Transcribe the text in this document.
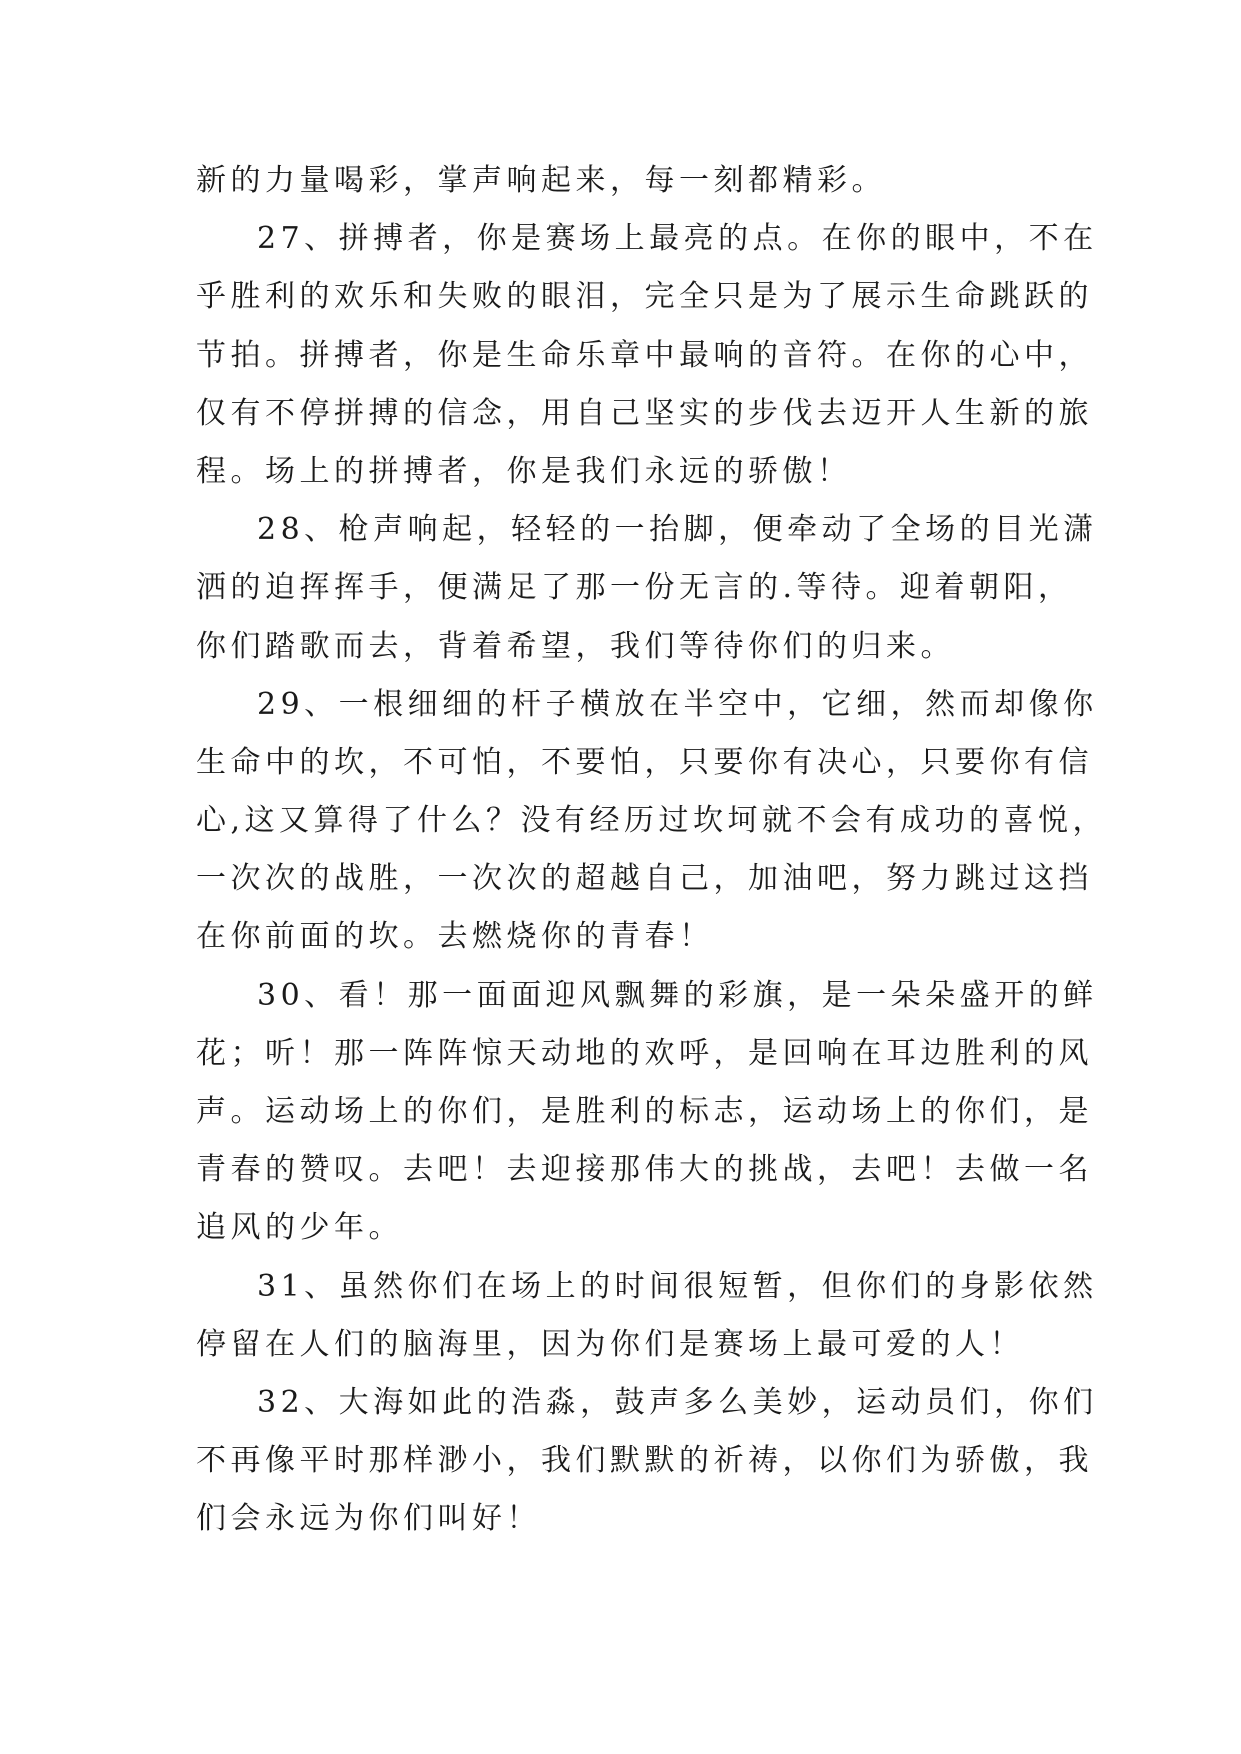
新的力量喝彩，掌声响起来，每一刻都精彩。
27、拼搏者，你是赛场上最亮的点。在你的眼中，不在
乎胜利的欢乐和失败的眼泪，完全只是为了展示生命跳跃的
节拍。拼搏者，你是生命乐章中最响的音符。在你的心中，
仅有不停拼搏的信念，用自己坚实的步伐去迈开人生新的旅
程。场上的拼搏者，你是我们永远的骄傲！
28、枪声响起，轻轻的一抬脚，便牵动了全场的目光潇
洒的迫挥挥手，便满足了那一份无言的.等待。迎着朝阳，
你们踏歌而去，背着希望，我们等待你们的归来。
29、一根细细的杆子横放在半空中，它细，然而却像你
生命中的坎，不可怕，不要怕，只要你有决心，只要你有信
心,这又算得了什么？没有经历过坎坷就不会有成功的喜悦，
一次次的战胜，一次次的超越自己，加油吧，努力跳过这挡
在你前面的坎。去燃烧你的青春！
30、看！那一面面迎风飘舞的彩旗，是一朵朵盛开的鲜
花；听！那一阵阵惊天动地的欢呼，是回响在耳边胜利的风
声。运动场上的你们，是胜利的标志，运动场上的你们，是
青春的赞叹。去吧！去迎接那伟大的挑战，去吧！去做一名
追风的少年。
31、虽然你们在场上的时间很短暂，但你们的身影依然
停留在人们的脑海里，因为你们是赛场上最可爱的人！
32、大海如此的浩淼，鼓声多么美妙，运动员们，你们
不再像平时那样渺小，我们默默的祈祷，以你们为骄傲，我
们会永远为你们叫好！
